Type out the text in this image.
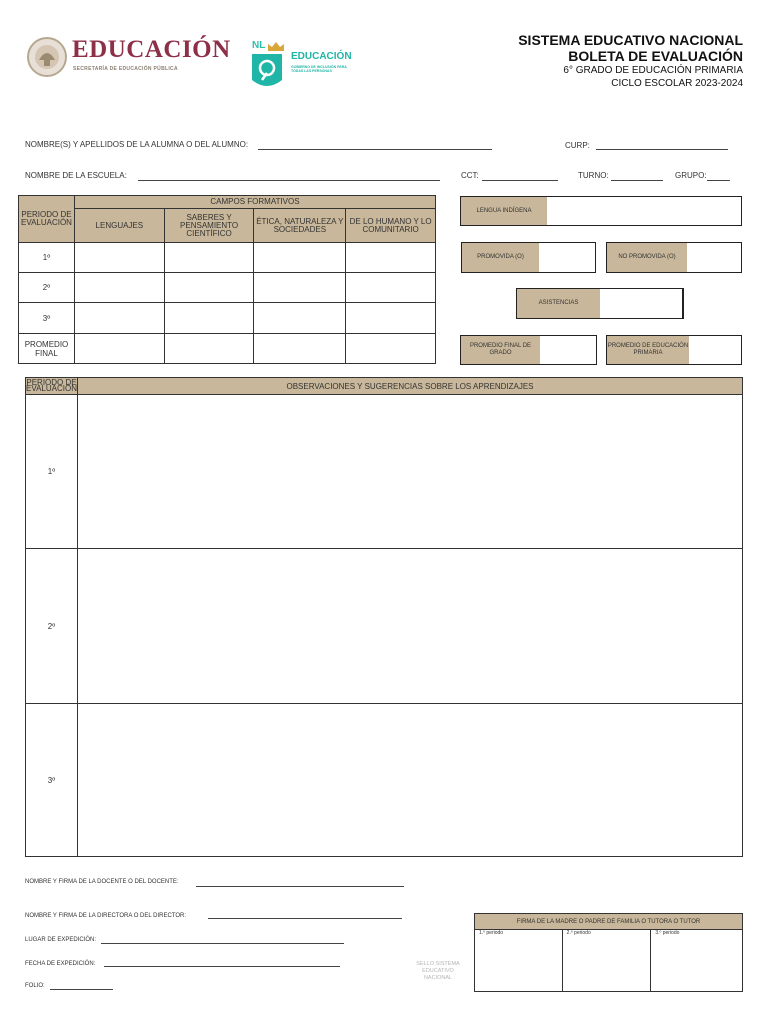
EDUCACIÓN
SECRETARÍA DE EDUCACIÓN PÚBLICA
NL
EDUCACIÓN
GOBIERNO DE INCLUSIÓN PARA TODAS LAS PERSONAS
SISTEMA EDUCATIVO NACIONAL
BOLETA DE EVALUACIÓN
6° GRADO DE EDUCACIÓN PRIMARIA
CICLO ESCOLAR 2023-2024
NOMBRE(S) Y APELLIDOS DE LA ALUMNA O DEL ALUMNO:	CURP:
NOMBRE DE LA ESCUELA:	CCT:	TURNO:	GRUPO:
PERIODO DE EVALUACIÓN	CAMPOS FORMATIVOS			
	LENGUAJES	SABERES Y PENSAMIENTO CIENTÍFICO	ÉTICA, NATURALEZA Y SOCIEDADES	DE LO HUMANO Y LO COMUNITARIO
1º				
2º				
3º				
PROMEDIO FINAL				
LENGUA INDÍGENA
PROMOVIDA (O)	NO PROMOVIDA (O)
ASISTENCIAS
PROMEDIO FINAL DE GRADO
PROMEDIO DE EDUCACIÓN PRIMARIA
PERIODO DE EVALUACIÓN	OBSERVACIONES Y SUGERENCIAS SOBRE LOS APRENDIZAJES
1º	
2º	
3º	
NOMBRE Y FIRMA DE LA DOCENTE O DEL DOCENTE:
NOMBRE Y FIRMA DE LA DIRECTORA O DEL DIRECTOR:
LUGAR DE EXPEDICIÓN:
FECHA DE EXPEDICIÓN:
FOLIO:
SELLO SISTEMA EDUCATIVO NACIONAL
FIRMA DE LA MADRE O PADRE DE FAMILIA O TUTORA O TUTOR
1.º periodo	2.º periodo	3.º periodo
